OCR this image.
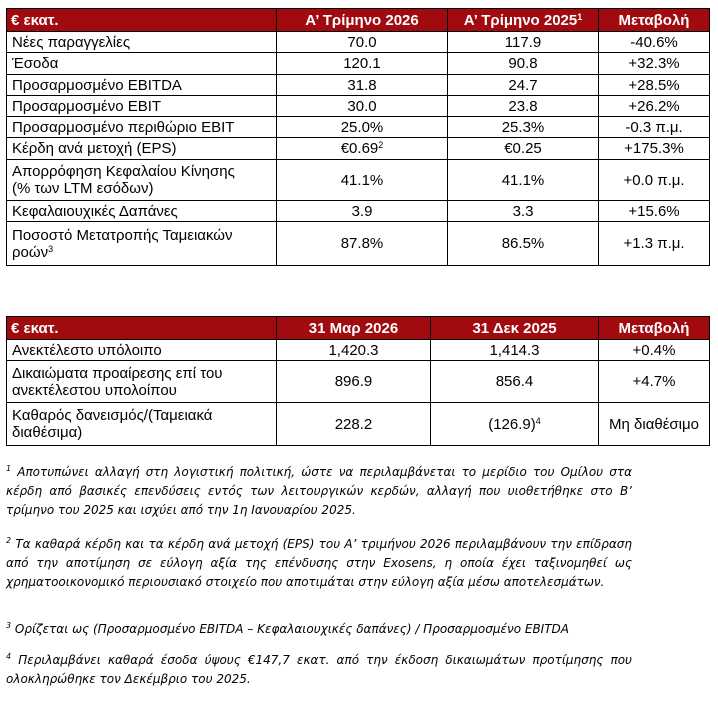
€ εκατ.	Α’ Τρίμηνο 2026	Α’ Τρίμηνο 2025$^1$	Μεταβολή
Νέες παραγγελίες	70.0	117.9	-40.6%
Έσοδα	120.1	90.8	+32.3%
Προσαρμοσμένο EBITDA	31.8	24.7	+28.5%
Προσαρμοσμένο EBIT	30.0	23.8	+26.2%
Προσαρμοσμένο περιθώριο EBIT	25.0%	25.3%	-0.3 π.μ.
Κέρδη ανά μετοχή (EPS)	€0.69$^2$	€0.25	+175.3%
Απορρόφηση Κεφαλαίου Κίνησης
(% των LTM εσόδων)	41.1%	41.1%	+0.0 π.μ.
Κεφαλαιουχικές Δαπάνες	3.9	3.3	+15.6%
Ποσοστό Μετατροπής Ταμειακών
ροών$^3$	87.8%	86.5%	+1.3 π.μ.
€ εκατ.	31 Μαρ 2026	31 Δεκ 2025	Μεταβολή
Ανεκτέλεστο υπόλοιπο	1,420.3	1,414.3	+0.4%
Δικαιώματα προαίρεσης επί του
ανεκτέλεστου υπολοίπου	896.9	856.4	+4.7%
Καθαρός δανεισμός/(Ταμειακά
διαθέσιμα)	228.2	$(126.9)^4$	Μη διαθέσιμο
$^1$ Αποτυπώνει αλλαγή στη λογιστική πολιτική, ώστε να περιλαμβάνεται το μερίδιο του Ομίλου στα κέρδη από βασικές επενδύσεις εντός των λειτουργικών κερδών, αλλαγή που υιοθετήθηκε στο Β’ τρίμηνο του 2025 και ισχύει από την 1η Ιανουαρίου 2025.
$^2$ Τα καθαρά κέρδη και τα κέρδη ανά μετοχή (EPS) του Α’ τριμήνου 2026 περιλαμβάνουν την επίδραση από την αποτίμηση σε εύλογη αξία της επένδυσης στην Exosens, η οποία έχει ταξινομηθεί ως χρηματοοικονομικό περιουσιακό στοιχείο που αποτιμάται στην εύλογη αξία μέσω αποτελεσμάτων.
$^3$ Ορίζεται ως (Προσαρμοσμένο EBITDA – Κεφαλαιουχικές δαπάνες) / Προσαρμοσμένο EBITDA
$^4$ Περιλαμβάνει καθαρά έσοδα ύψους €147,7 εκατ. από την έκδοση δικαιωμάτων προτίμησης που ολοκληρώθηκε τον Δεκέμβριο του 2025.
